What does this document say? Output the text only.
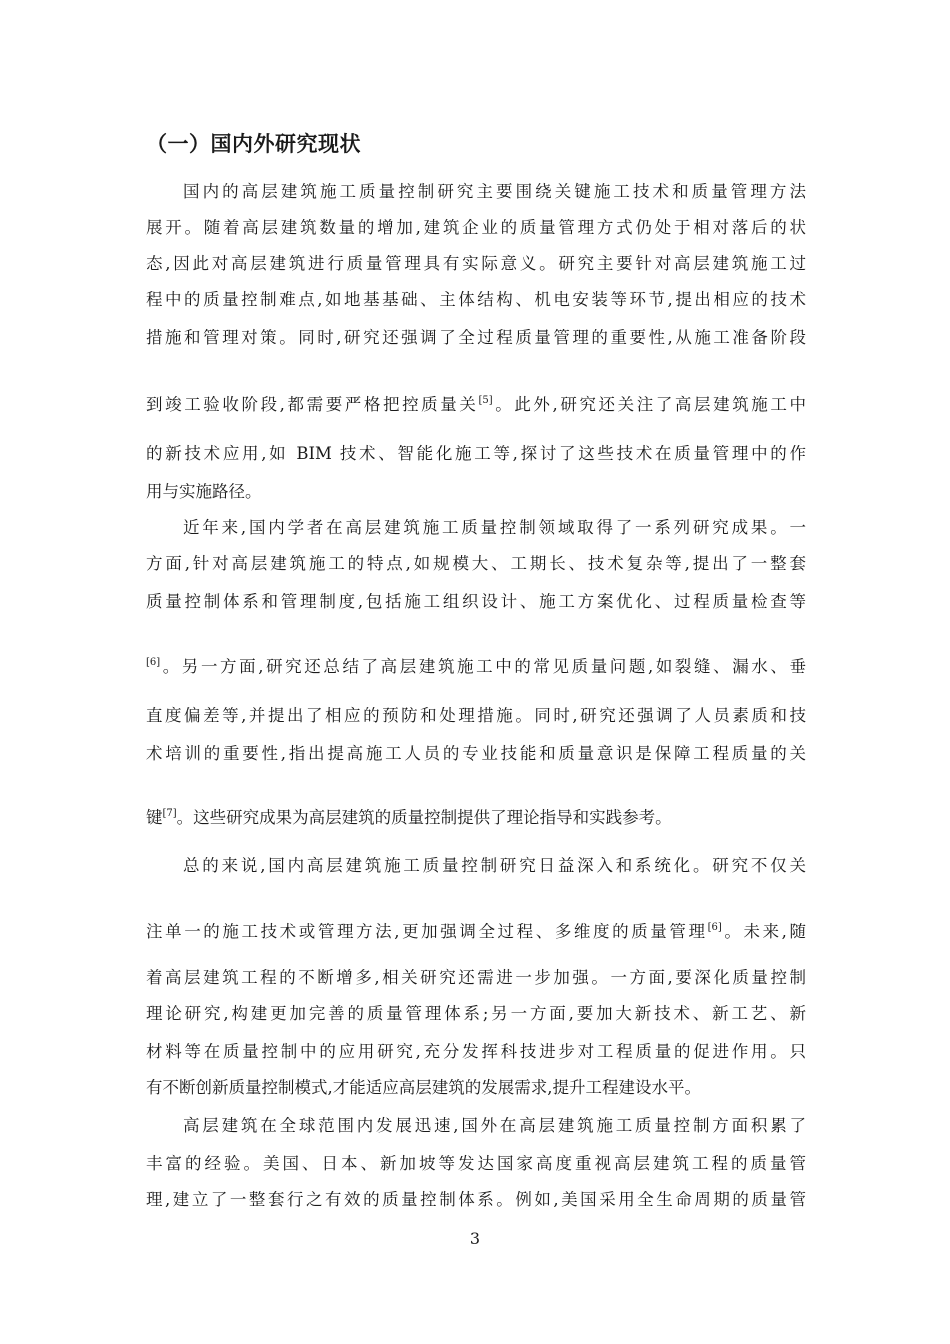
（一）国内外研究现状
国内的高层建筑施工质量控制研究主要围绕关键施工技术和质量管理方法
展开。随着高层建筑数量的增加,建筑企业的质量管理方式仍处于相对落后的状
态,因此对高层建筑进行质量管理具有实际意义。研究主要针对高层建筑施工过
程中的质量控制难点,如地基基础、主体结构、机电安装等环节,提出相应的技术
措施和管理对策。同时,研究还强调了全过程质量管理的重要性,从施工准备阶段
到竣工验收阶段,都需要严格把控质量关[5]。此外,研究还关注了高层建筑施工中
的新技术应用,如 BIM 技术、智能化施工等,探讨了这些技术在质量管理中的作
用与实施路径。
近年来,国内学者在高层建筑施工质量控制领域取得了一系列研究成果。一
方面,针对高层建筑施工的特点,如规模大、工期长、技术复杂等,提出了一整套
质量控制体系和管理制度,包括施工组织设计、施工方案优化、过程质量检查等
[6]。另一方面,研究还总结了高层建筑施工中的常见质量问题,如裂缝、漏水、垂
直度偏差等,并提出了相应的预防和处理措施。同时,研究还强调了人员素质和技
术培训的重要性,指出提高施工人员的专业技能和质量意识是保障工程质量的关
键[7]。这些研究成果为高层建筑的质量控制提供了理论指导和实践参考。
总的来说,国内高层建筑施工质量控制研究日益深入和系统化。研究不仅关
注单一的施工技术或管理方法,更加强调全过程、多维度的质量管理[6]。未来,随
着高层建筑工程的不断增多,相关研究还需进一步加强。一方面,要深化质量控制
理论研究,构建更加完善的质量管理体系;另一方面,要加大新技术、新工艺、新
材料等在质量控制中的应用研究,充分发挥科技进步对工程质量的促进作用。只
有不断创新质量控制模式,才能适应高层建筑的发展需求,提升工程建设水平。
高层建筑在全球范围内发展迅速,国外在高层建筑施工质量控制方面积累了
丰富的经验。美国、日本、新加坡等发达国家高度重视高层建筑工程的质量管
理,建立了一整套行之有效的质量控制体系。例如,美国采用全生命周期的质量管
3
